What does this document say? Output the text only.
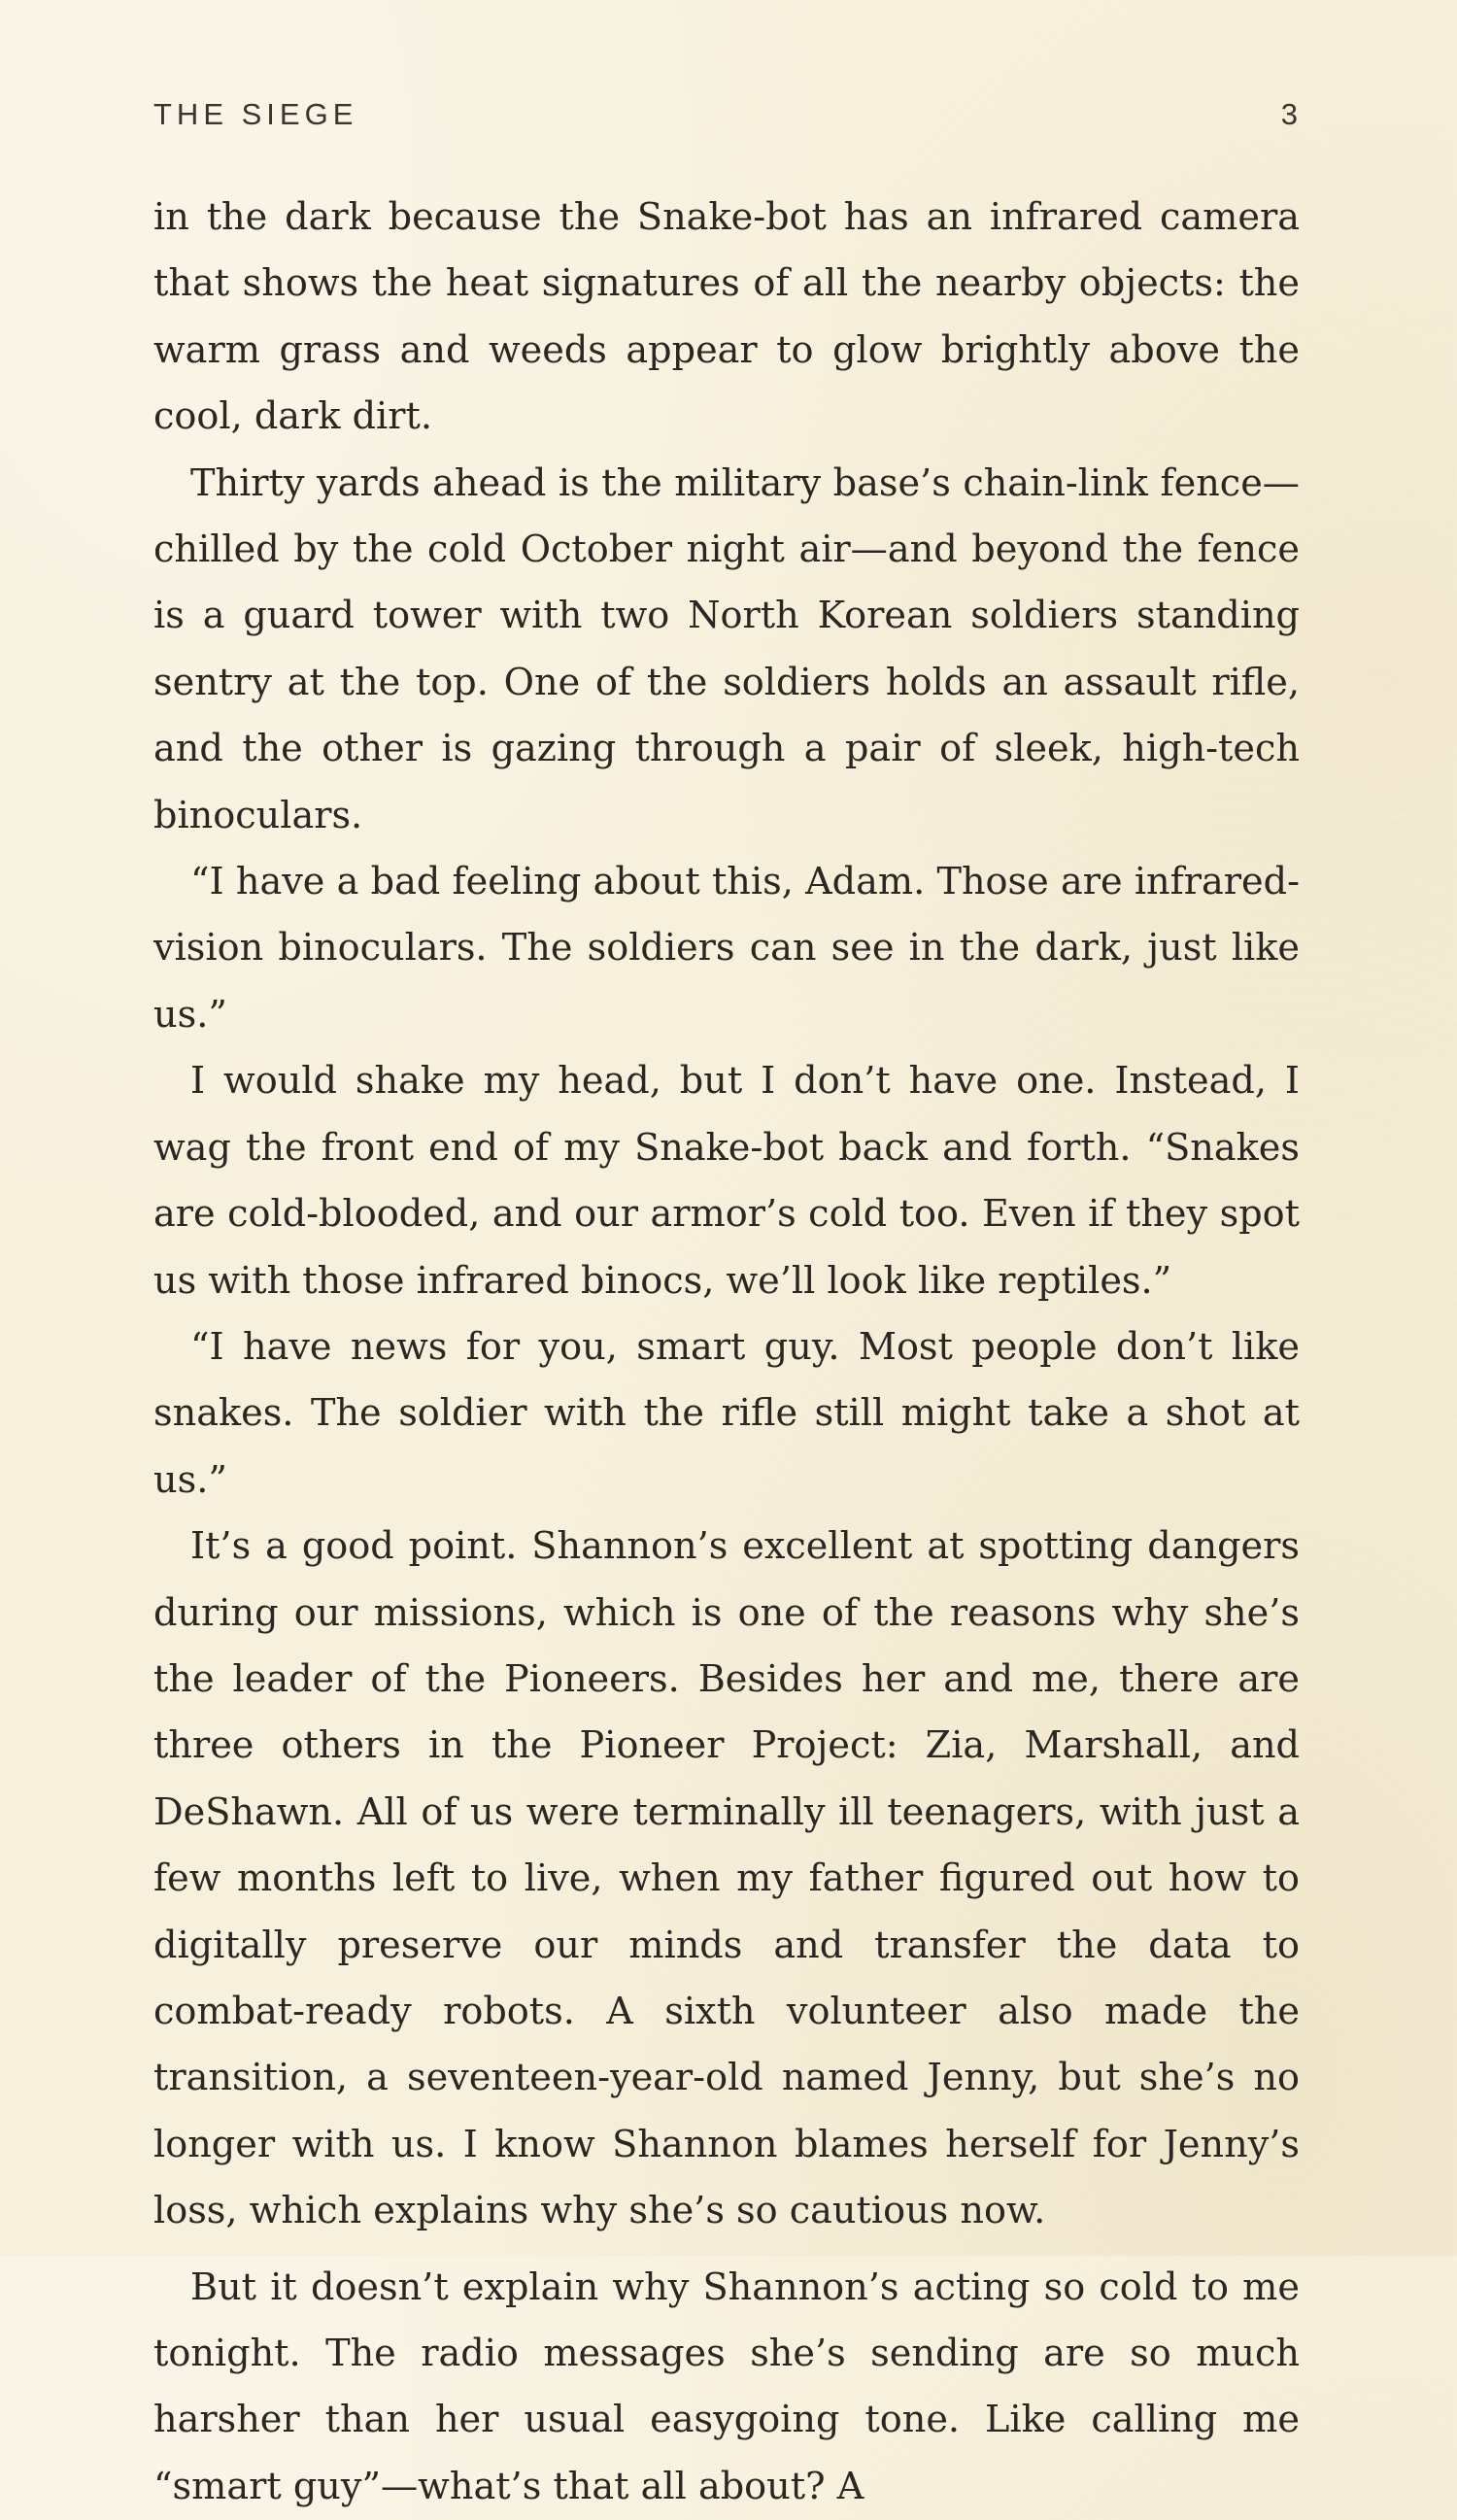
THE SIEGE	3

in the dark because the Snake-bot has an infrared camera that shows the heat signatures of all the nearby objects: the warm grass and weeds appear to glow brightly above the cool, dark dirt.

Thirty yards ahead is the military base’s chain-link fence—chilled by the cold October night air—and beyond the fence is a guard tower with two North Korean soldiers standing sentry at the top. One of the soldiers holds an assault rifle, and the other is gazing through a pair of sleek, high-tech binoculars.

“I have a bad feeling about this, Adam. Those are infrared-vision binoculars. The soldiers can see in the dark, just like us.”

I would shake my head, but I don’t have one. Instead, I wag the front end of my Snake-bot back and forth. “Snakes are cold-blooded, and our armor’s cold too. Even if they spot us with those infrared binocs, we’ll look like reptiles.”

“I have news for you, smart guy. Most people don’t like snakes. The soldier with the rifle still might take a shot at us.”

It’s a good point. Shannon’s excellent at spotting dangers during our missions, which is one of the reasons why she’s the leader of the Pioneers. Besides her and me, there are three others in the Pioneer Project: Zia, Marshall, and DeShawn. All of us were terminally ill teenagers, with just a few months left to live, when my father figured out how to digitally preserve our minds and transfer the data to combat-ready robots. A sixth volunteer also made the transition, a seventeen-year-old named Jenny, but she’s no longer with us. I know Shannon blames herself for Jenny’s loss, which explains why she’s so cautious now.

But it doesn’t explain why Shannon’s acting so cold to me tonight. The radio messages she’s sending are so much harsher than her usual easygoing tone. Like calling me “smart guy”—what’s that all about? A
